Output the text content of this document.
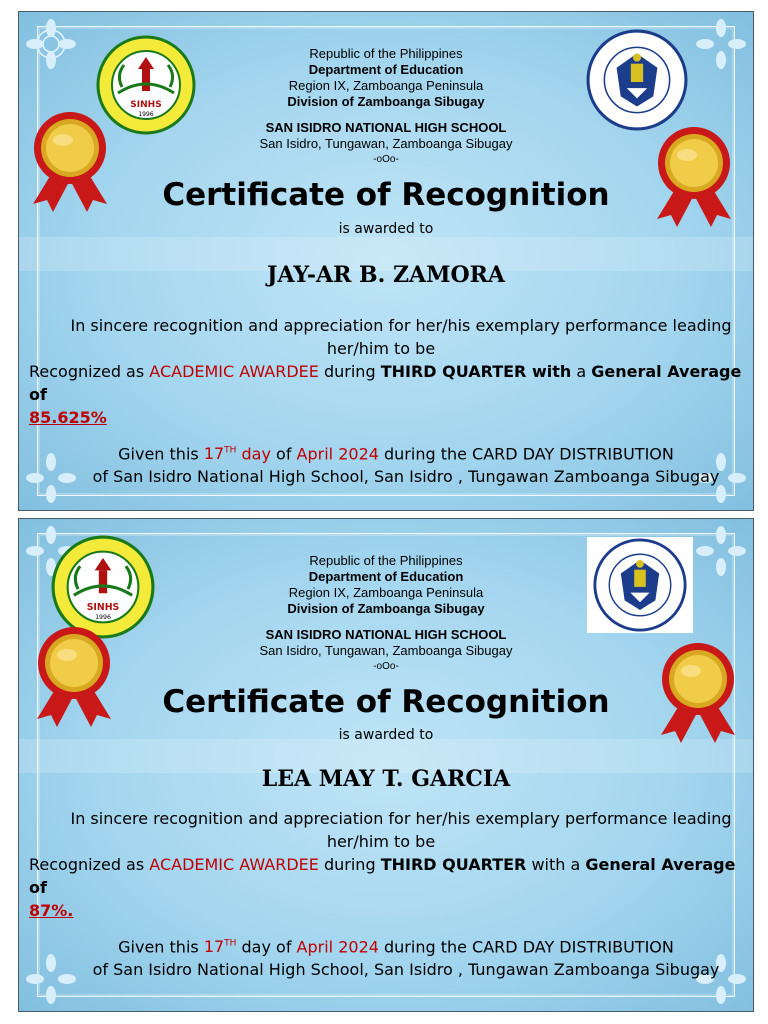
SINHS
1996
Republic of the Philippines
Department of Education
Region IX, Zamboanga Peninsula
Division of Zamboanga Sibugay
SAN ISIDRO NATIONAL HIGH SCHOOL
San Isidro, Tungawan, Zamboanga Sibugay
-oOo-
Certificate of Recognition
is awarded to
JAY-AR B. ZAMORA
In sincere recognition and appreciation for her/his exemplary performance leading
her/him to be
Recognized as ACADEMIC AWARDEE during THIRD QUARTER with a General Average of
85.625%
Given this 17TH day of April 2024 during the CARD DAY DISTRIBUTION
of San Isidro National High School, San Isidro , Tungawan Zamboanga Sibugay
SINHS
1996
Republic of the Philippines
Department of Education
Region IX, Zamboanga Peninsula
Division of Zamboanga Sibugay
SAN ISIDRO NATIONAL HIGH SCHOOL
San Isidro, Tungawan, Zamboanga Sibugay
-oOo-
Certificate of Recognition
is awarded to
LEA MAY T. GARCIA
In sincere recognition and appreciation for her/his exemplary performance leading
her/him to be
Recognized as ACADEMIC AWARDEE during THIRD QUARTER with a General Average of
87%.
Given this 17TH day of April 2024 during the CARD DAY DISTRIBUTION
of San Isidro National High School, San Isidro , Tungawan Zamboanga Sibugay
